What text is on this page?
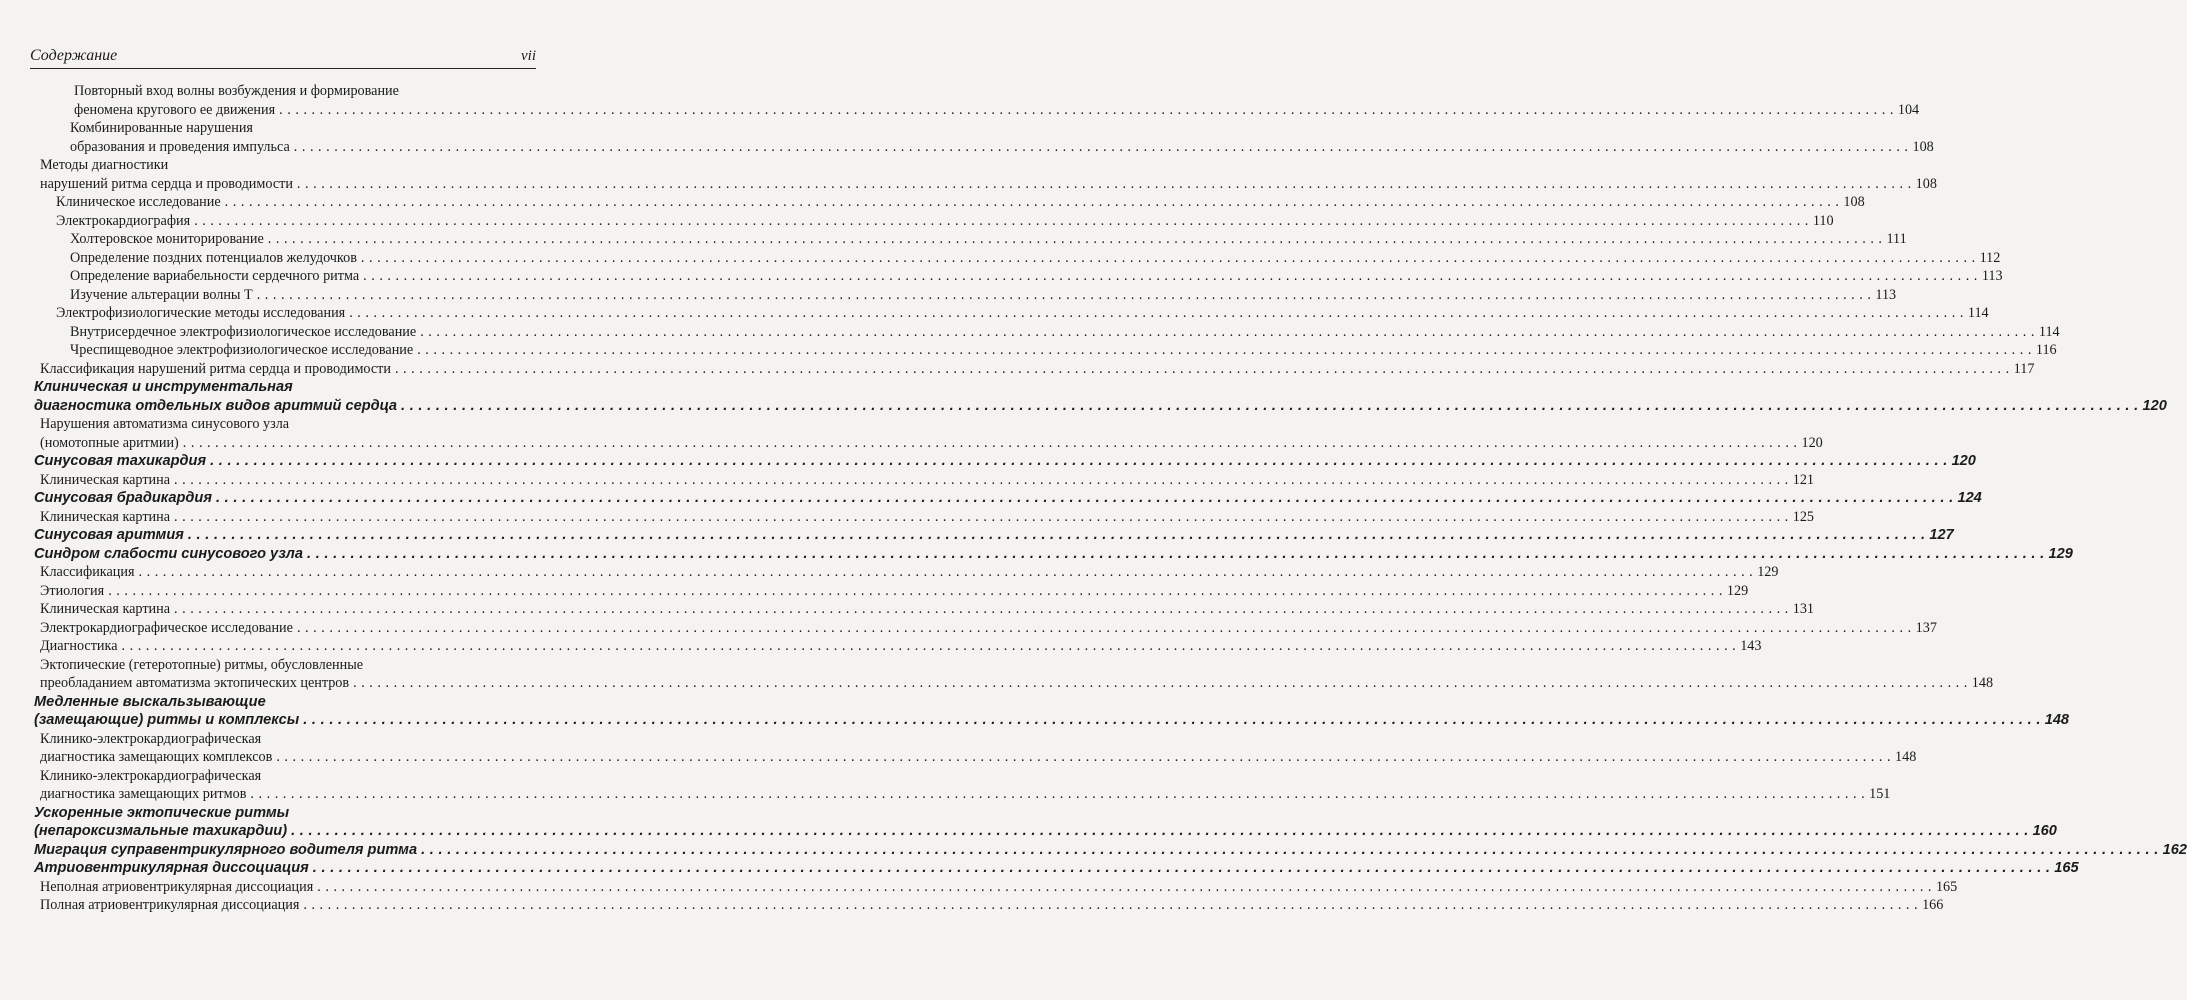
Содержание	vii
Повторный вход волны возбуждения и формирование
феномена кругового ее движения . . . . . . . . . . . . . . . . . . . . . . . . . . . . . . . . . . . . . . . . . . . . . . . . . . . . . . . . . . . . . . . . . . . . . . . . . . . . . . . . . . . . . . . . . . . . . . . . . . . . . . . . . . . . . . . . . . . . . . . . . . . . . . . . . . . . . . . . . . . . . . . . . . . . . . . . . . . . . . . . . . . . . . . . . . . . . . . . . . . . . . . . . . . . . . . . . . . . . . . . 104
Комбинированные нарушения
образования и проведения импульса . . . . . . . . . . . . . . . . . . . . . . . . . . . . . . . . . . . . . . . . . . . . . . . . . . . . . . . . . . . . . . . . . . . . . . . . . . . . . . . . . . . . . . . . . . . . . . . . . . . . . . . . . . . . . . . . . . . . . . . . . . . . . . . . . . . . . . . . . . . . . . . . . . . . . . . . . . . . . . . . . . . . . . . . . . . . . . . . . . . . . . . . . . . . . . . . . . . . . . . . 108
Методы диагностики
нарушений ритма сердца и проводимости . . . . . . . . . . . . . . . . . . . . . . . . . . . . . . . . . . . . . . . . . . . . . . . . . . . . . . . . . . . . . . . . . . . . . . . . . . . . . . . . . . . . . . . . . . . . . . . . . . . . . . . . . . . . . . . . . . . . . . . . . . . . . . . . . . . . . . . . . . . . . . . . . . . . . . . . . . . . . . . . . . . . . . . . . . . . . . . . . . . . . . . . . . . . . . . . . . . . . . . . 108
Клиническое исследование . . . . . . . . . . . . . . . . . . . . . . . . . . . . . . . . . . . . . . . . . . . . . . . . . . . . . . . . . . . . . . . . . . . . . . . . . . . . . . . . . . . . . . . . . . . . . . . . . . . . . . . . . . . . . . . . . . . . . . . . . . . . . . . . . . . . . . . . . . . . . . . . . . . . . . . . . . . . . . . . . . . . . . . . . . . . . . . . . . . . . . . . . . . . . . . . . . . . . . . . 108
Электрокардиография . . . . . . . . . . . . . . . . . . . . . . . . . . . . . . . . . . . . . . . . . . . . . . . . . . . . . . . . . . . . . . . . . . . . . . . . . . . . . . . . . . . . . . . . . . . . . . . . . . . . . . . . . . . . . . . . . . . . . . . . . . . . . . . . . . . . . . . . . . . . . . . . . . . . . . . . . . . . . . . . . . . . . . . . . . . . . . . . . . . . . . . . . . . . . . . . . . . . . . . . 110
Холтеровское мониторирование . . . . . . . . . . . . . . . . . . . . . . . . . . . . . . . . . . . . . . . . . . . . . . . . . . . . . . . . . . . . . . . . . . . . . . . . . . . . . . . . . . . . . . . . . . . . . . . . . . . . . . . . . . . . . . . . . . . . . . . . . . . . . . . . . . . . . . . . . . . . . . . . . . . . . . . . . . . . . . . . . . . . . . . . . . . . . . . . . . . . . . . . . . . . . . . . . . . . . . . . 111
Определение поздних потенциалов желудочков . . . . . . . . . . . . . . . . . . . . . . . . . . . . . . . . . . . . . . . . . . . . . . . . . . . . . . . . . . . . . . . . . . . . . . . . . . . . . . . . . . . . . . . . . . . . . . . . . . . . . . . . . . . . . . . . . . . . . . . . . . . . . . . . . . . . . . . . . . . . . . . . . . . . . . . . . . . . . . . . . . . . . . . . . . . . . . . . . . . . . . . . . . . . . . . . . . . . . . . . 112
Определение вариабельности сердечного ритма . . . . . . . . . . . . . . . . . . . . . . . . . . . . . . . . . . . . . . . . . . . . . . . . . . . . . . . . . . . . . . . . . . . . . . . . . . . . . . . . . . . . . . . . . . . . . . . . . . . . . . . . . . . . . . . . . . . . . . . . . . . . . . . . . . . . . . . . . . . . . . . . . . . . . . . . . . . . . . . . . . . . . . . . . . . . . . . . . . . . . . . . . . . . . . . . . . . . . . . . 113
Изучение альтерации волны Т . . . . . . . . . . . . . . . . . . . . . . . . . . . . . . . . . . . . . . . . . . . . . . . . . . . . . . . . . . . . . . . . . . . . . . . . . . . . . . . . . . . . . . . . . . . . . . . . . . . . . . . . . . . . . . . . . . . . . . . . . . . . . . . . . . . . . . . . . . . . . . . . . . . . . . . . . . . . . . . . . . . . . . . . . . . . . . . . . . . . . . . . . . . . . . . . . . . . . . . . 113
Электрофизиологические методы исследования . . . . . . . . . . . . . . . . . . . . . . . . . . . . . . . . . . . . . . . . . . . . . . . . . . . . . . . . . . . . . . . . . . . . . . . . . . . . . . . . . . . . . . . . . . . . . . . . . . . . . . . . . . . . . . . . . . . . . . . . . . . . . . . . . . . . . . . . . . . . . . . . . . . . . . . . . . . . . . . . . . . . . . . . . . . . . . . . . . . . . . . . . . . . . . . . . . . . . . . . 114
Внутрисердечное электрофизиологическое исследование . . . . . . . . . . . . . . . . . . . . . . . . . . . . . . . . . . . . . . . . . . . . . . . . . . . . . . . . . . . . . . . . . . . . . . . . . . . . . . . . . . . . . . . . . . . . . . . . . . . . . . . . . . . . . . . . . . . . . . . . . . . . . . . . . . . . . . . . . . . . . . . . . . . . . . . . . . . . . . . . . . . . . . . . . . . . . . . . . . . . . . . . . . . . . . . . . . . . . . . . 114
Чреспищеводное электрофизиологическое исследование . . . . . . . . . . . . . . . . . . . . . . . . . . . . . . . . . . . . . . . . . . . . . . . . . . . . . . . . . . . . . . . . . . . . . . . . . . . . . . . . . . . . . . . . . . . . . . . . . . . . . . . . . . . . . . . . . . . . . . . . . . . . . . . . . . . . . . . . . . . . . . . . . . . . . . . . . . . . . . . . . . . . . . . . . . . . . . . . . . . . . . . . . . . . . . . . . . . . . . . . 116
Классификация нарушений ритма сердца и проводимости . . . . . . . . . . . . . . . . . . . . . . . . . . . . . . . . . . . . . . . . . . . . . . . . . . . . . . . . . . . . . . . . . . . . . . . . . . . . . . . . . . . . . . . . . . . . . . . . . . . . . . . . . . . . . . . . . . . . . . . . . . . . . . . . . . . . . . . . . . . . . . . . . . . . . . . . . . . . . . . . . . . . . . . . . . . . . . . . . . . . . . . . . . . . . . . . . . . . . . . . 117
Клиническая и инструментальная
диагностика отдельных видов аритмий сердца . . . . . . . . . . . . . . . . . . . . . . . . . . . . . . . . . . . . . . . . . . . . . . . . . . . . . . . . . . . . . . . . . . . . . . . . . . . . . . . . . . . . . . . . . . . . . . . . . . . . . . . . . . . . . . . . . . . . . . . . . . . . . . . . . . . . . . . . . . . . . . . . . . . . . . . . . . . . . . . . . . . . . . . . . . . . . . . . . . . . . . . . . . . . . . . . . . . . . . . . 120
Нарушения автоматизма синусового узла
(номотопные аритмии) . . . . . . . . . . . . . . . . . . . . . . . . . . . . . . . . . . . . . . . . . . . . . . . . . . . . . . . . . . . . . . . . . . . . . . . . . . . . . . . . . . . . . . . . . . . . . . . . . . . . . . . . . . . . . . . . . . . . . . . . . . . . . . . . . . . . . . . . . . . . . . . . . . . . . . . . . . . . . . . . . . . . . . . . . . . . . . . . . . . . . . . . . . . . . . . . . . . . . . . . 120
Синусовая тахикардия . . . . . . . . . . . . . . . . . . . . . . . . . . . . . . . . . . . . . . . . . . . . . . . . . . . . . . . . . . . . . . . . . . . . . . . . . . . . . . . . . . . . . . . . . . . . . . . . . . . . . . . . . . . . . . . . . . . . . . . . . . . . . . . . . . . . . . . . . . . . . . . . . . . . . . . . . . . . . . . . . . . . . . . . . . . . . . . . . . . . . . . . . . . . . . . . . . . . . . . . 120
Клиническая картина . . . . . . . . . . . . . . . . . . . . . . . . . . . . . . . . . . . . . . . . . . . . . . . . . . . . . . . . . . . . . . . . . . . . . . . . . . . . . . . . . . . . . . . . . . . . . . . . . . . . . . . . . . . . . . . . . . . . . . . . . . . . . . . . . . . . . . . . . . . . . . . . . . . . . . . . . . . . . . . . . . . . . . . . . . . . . . . . . . . . . . . . . . . . . . . . . . . . . . . . 121
Синусовая брадикардия . . . . . . . . . . . . . . . . . . . . . . . . . . . . . . . . . . . . . . . . . . . . . . . . . . . . . . . . . . . . . . . . . . . . . . . . . . . . . . . . . . . . . . . . . . . . . . . . . . . . . . . . . . . . . . . . . . . . . . . . . . . . . . . . . . . . . . . . . . . . . . . . . . . . . . . . . . . . . . . . . . . . . . . . . . . . . . . . . . . . . . . . . . . . . . . . . . . . . . . . 124
Клиническая картина . . . . . . . . . . . . . . . . . . . . . . . . . . . . . . . . . . . . . . . . . . . . . . . . . . . . . . . . . . . . . . . . . . . . . . . . . . . . . . . . . . . . . . . . . . . . . . . . . . . . . . . . . . . . . . . . . . . . . . . . . . . . . . . . . . . . . . . . . . . . . . . . . . . . . . . . . . . . . . . . . . . . . . . . . . . . . . . . . . . . . . . . . . . . . . . . . . . . . . . . 125
Синусовая аритмия . . . . . . . . . . . . . . . . . . . . . . . . . . . . . . . . . . . . . . . . . . . . . . . . . . . . . . . . . . . . . . . . . . . . . . . . . . . . . . . . . . . . . . . . . . . . . . . . . . . . . . . . . . . . . . . . . . . . . . . . . . . . . . . . . . . . . . . . . . . . . . . . . . . . . . . . . . . . . . . . . . . . . . . . . . . . . . . . . . . . . . . . . . . . . . . . . . . . . . . . 127
Синдром слабости синусового узла . . . . . . . . . . . . . . . . . . . . . . . . . . . . . . . . . . . . . . . . . . . . . . . . . . . . . . . . . . . . . . . . . . . . . . . . . . . . . . . . . . . . . . . . . . . . . . . . . . . . . . . . . . . . . . . . . . . . . . . . . . . . . . . . . . . . . . . . . . . . . . . . . . . . . . . . . . . . . . . . . . . . . . . . . . . . . . . . . . . . . . . . . . . . . . . . . . . . . . . . 129
Классификация . . . . . . . . . . . . . . . . . . . . . . . . . . . . . . . . . . . . . . . . . . . . . . . . . . . . . . . . . . . . . . . . . . . . . . . . . . . . . . . . . . . . . . . . . . . . . . . . . . . . . . . . . . . . . . . . . . . . . . . . . . . . . . . . . . . . . . . . . . . . . . . . . . . . . . . . . . . . . . . . . . . . . . . . . . . . . . . . . . . . . . . . . . . . . . . . . . . . . . . . 129
Этиология . . . . . . . . . . . . . . . . . . . . . . . . . . . . . . . . . . . . . . . . . . . . . . . . . . . . . . . . . . . . . . . . . . . . . . . . . . . . . . . . . . . . . . . . . . . . . . . . . . . . . . . . . . . . . . . . . . . . . . . . . . . . . . . . . . . . . . . . . . . . . . . . . . . . . . . . . . . . . . . . . . . . . . . . . . . . . . . . . . . . . . . . . . . . . . . . . . . . . . . . 129
Клиническая картина . . . . . . . . . . . . . . . . . . . . . . . . . . . . . . . . . . . . . . . . . . . . . . . . . . . . . . . . . . . . . . . . . . . . . . . . . . . . . . . . . . . . . . . . . . . . . . . . . . . . . . . . . . . . . . . . . . . . . . . . . . . . . . . . . . . . . . . . . . . . . . . . . . . . . . . . . . . . . . . . . . . . . . . . . . . . . . . . . . . . . . . . . . . . . . . . . . . . . . . . 131
Электрокардиографическое исследование . . . . . . . . . . . . . . . . . . . . . . . . . . . . . . . . . . . . . . . . . . . . . . . . . . . . . . . . . . . . . . . . . . . . . . . . . . . . . . . . . . . . . . . . . . . . . . . . . . . . . . . . . . . . . . . . . . . . . . . . . . . . . . . . . . . . . . . . . . . . . . . . . . . . . . . . . . . . . . . . . . . . . . . . . . . . . . . . . . . . . . . . . . . . . . . . . . . . . . . . 137
Диагностика . . . . . . . . . . . . . . . . . . . . . . . . . . . . . . . . . . . . . . . . . . . . . . . . . . . . . . . . . . . . . . . . . . . . . . . . . . . . . . . . . . . . . . . . . . . . . . . . . . . . . . . . . . . . . . . . . . . . . . . . . . . . . . . . . . . . . . . . . . . . . . . . . . . . . . . . . . . . . . . . . . . . . . . . . . . . . . . . . . . . . . . . . . . . . . . . . . . . . . . . 143
Эктопические (гетеротопные) ритмы, обусловленные
преобладанием автоматизма эктопических центров . . . . . . . . . . . . . . . . . . . . . . . . . . . . . . . . . . . . . . . . . . . . . . . . . . . . . . . . . . . . . . . . . . . . . . . . . . . . . . . . . . . . . . . . . . . . . . . . . . . . . . . . . . . . . . . . . . . . . . . . . . . . . . . . . . . . . . . . . . . . . . . . . . . . . . . . . . . . . . . . . . . . . . . . . . . . . . . . . . . . . . . . . . . . . . . . . . . . . . . . 148
Медленные выскальзывающие
(замещающие) ритмы и комплексы . . . . . . . . . . . . . . . . . . . . . . . . . . . . . . . . . . . . . . . . . . . . . . . . . . . . . . . . . . . . . . . . . . . . . . . . . . . . . . . . . . . . . . . . . . . . . . . . . . . . . . . . . . . . . . . . . . . . . . . . . . . . . . . . . . . . . . . . . . . . . . . . . . . . . . . . . . . . . . . . . . . . . . . . . . . . . . . . . . . . . . . . . . . . . . . . . . . . . . . . 148
Клинико-электрокардиографическая
диагностика замещающих комплексов . . . . . . . . . . . . . . . . . . . . . . . . . . . . . . . . . . . . . . . . . . . . . . . . . . . . . . . . . . . . . . . . . . . . . . . . . . . . . . . . . . . . . . . . . . . . . . . . . . . . . . . . . . . . . . . . . . . . . . . . . . . . . . . . . . . . . . . . . . . . . . . . . . . . . . . . . . . . . . . . . . . . . . . . . . . . . . . . . . . . . . . . . . . . . . . . . . . . . . . . 148
Клинико-электрокардиографическая
диагностика замещающих ритмов . . . . . . . . . . . . . . . . . . . . . . . . . . . . . . . . . . . . . . . . . . . . . . . . . . . . . . . . . . . . . . . . . . . . . . . . . . . . . . . . . . . . . . . . . . . . . . . . . . . . . . . . . . . . . . . . . . . . . . . . . . . . . . . . . . . . . . . . . . . . . . . . . . . . . . . . . . . . . . . . . . . . . . . . . . . . . . . . . . . . . . . . . . . . . . . . . . . . . . . . 151
Ускоренные эктопические ритмы
(непароксизмальные тахикардии) . . . . . . . . . . . . . . . . . . . . . . . . . . . . . . . . . . . . . . . . . . . . . . . . . . . . . . . . . . . . . . . . . . . . . . . . . . . . . . . . . . . . . . . . . . . . . . . . . . . . . . . . . . . . . . . . . . . . . . . . . . . . . . . . . . . . . . . . . . . . . . . . . . . . . . . . . . . . . . . . . . . . . . . . . . . . . . . . . . . . . . . . . . . . . . . . . . . . . . . . 160
Миграция суправентрикулярного водителя ритма . . . . . . . . . . . . . . . . . . . . . . . . . . . . . . . . . . . . . . . . . . . . . . . . . . . . . . . . . . . . . . . . . . . . . . . . . . . . . . . . . . . . . . . . . . . . . . . . . . . . . . . . . . . . . . . . . . . . . . . . . . . . . . . . . . . . . . . . . . . . . . . . . . . . . . . . . . . . . . . . . . . . . . . . . . . . . . . . . . . . . . . . . . . . . . . . . . . . . . . . 162
Атриовентрикулярная диссоциация . . . . . . . . . . . . . . . . . . . . . . . . . . . . . . . . . . . . . . . . . . . . . . . . . . . . . . . . . . . . . . . . . . . . . . . . . . . . . . . . . . . . . . . . . . . . . . . . . . . . . . . . . . . . . . . . . . . . . . . . . . . . . . . . . . . . . . . . . . . . . . . . . . . . . . . . . . . . . . . . . . . . . . . . . . . . . . . . . . . . . . . . . . . . . . . . . . . . . . . . 165
Неполная атриовентрикулярная диссоциация . . . . . . . . . . . . . . . . . . . . . . . . . . . . . . . . . . . . . . . . . . . . . . . . . . . . . . . . . . . . . . . . . . . . . . . . . . . . . . . . . . . . . . . . . . . . . . . . . . . . . . . . . . . . . . . . . . . . . . . . . . . . . . . . . . . . . . . . . . . . . . . . . . . . . . . . . . . . . . . . . . . . . . . . . . . . . . . . . . . . . . . . . . . . . . . . . . . . . . . . 165
Полная атриовентрикулярная диссоциация . . . . . . . . . . . . . . . . . . . . . . . . . . . . . . . . . . . . . . . . . . . . . . . . . . . . . . . . . . . . . . . . . . . . . . . . . . . . . . . . . . . . . . . . . . . . . . . . . . . . . . . . . . . . . . . . . . . . . . . . . . . . . . . . . . . . . . . . . . . . . . . . . . . . . . . . . . . . . . . . . . . . . . . . . . . . . . . . . . . . . . . . . . . . . . . . . . . . . . . . 166
